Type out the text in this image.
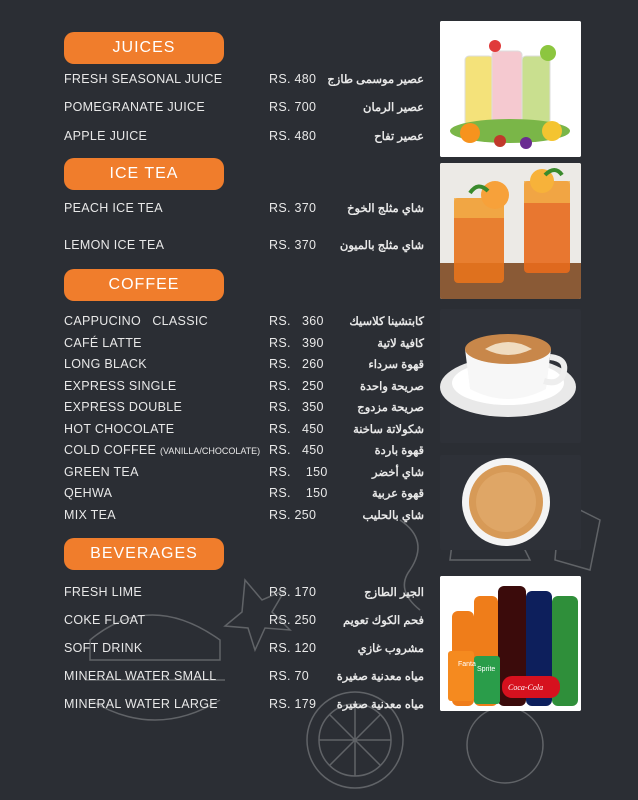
JUICES
FRESH SEASONAL JUICE	RS. 480 عصير موسمى طازج
POMEGRANATE JUICE	RS. 700	عصير الرمان
APPLE JUICE	RS. 480	عصير تفاح
ICE TEA
PEACH ICE TEA	RS. 370	شاي مثلج الخوخ
LEMON ICE TEA	RS. 370 شاي مثلج بالميون
COFFEE
CAPPUCINO   CLASSIC	RS.   360 كابتشينا كلاسيك
CAFÉ LATTE	RS.   390	كافية لاتية
LONG BLACK	RS.   260	قهوة سرداء
EXPRESS SINGLE	RS.   250	صريحة واحدة
EXPRESS DOUBLE	RS.   350	صريحة مزدوج
HOT CHOCOLATE	RS.   450	شكولاتة ساخنة
COLD COFFEE (VANILLA/CHOCOLATE) RS.   450	قهوة باردة
GREEN TEA	RS.    150	شاي أخضر
QEHWA	RS.    150	قهوة عربية
MIX TEA	RS. 250	شاي بالحليب
BEVERAGES
FRESH LIME	RS. 170	الجير الطازج
COKE FLOAT	RS. 250 فحم الكوك تعويم
SOFT DRINK	RS. 120	مشروب غازي
MINERAL WATER SMALL	RS. 70 مياه معدنية صغيرة
MINERAL WATER LARGE	RS. 179 مياه معدنية صغيرة
Fanta
Sprite
Coca-Cola
